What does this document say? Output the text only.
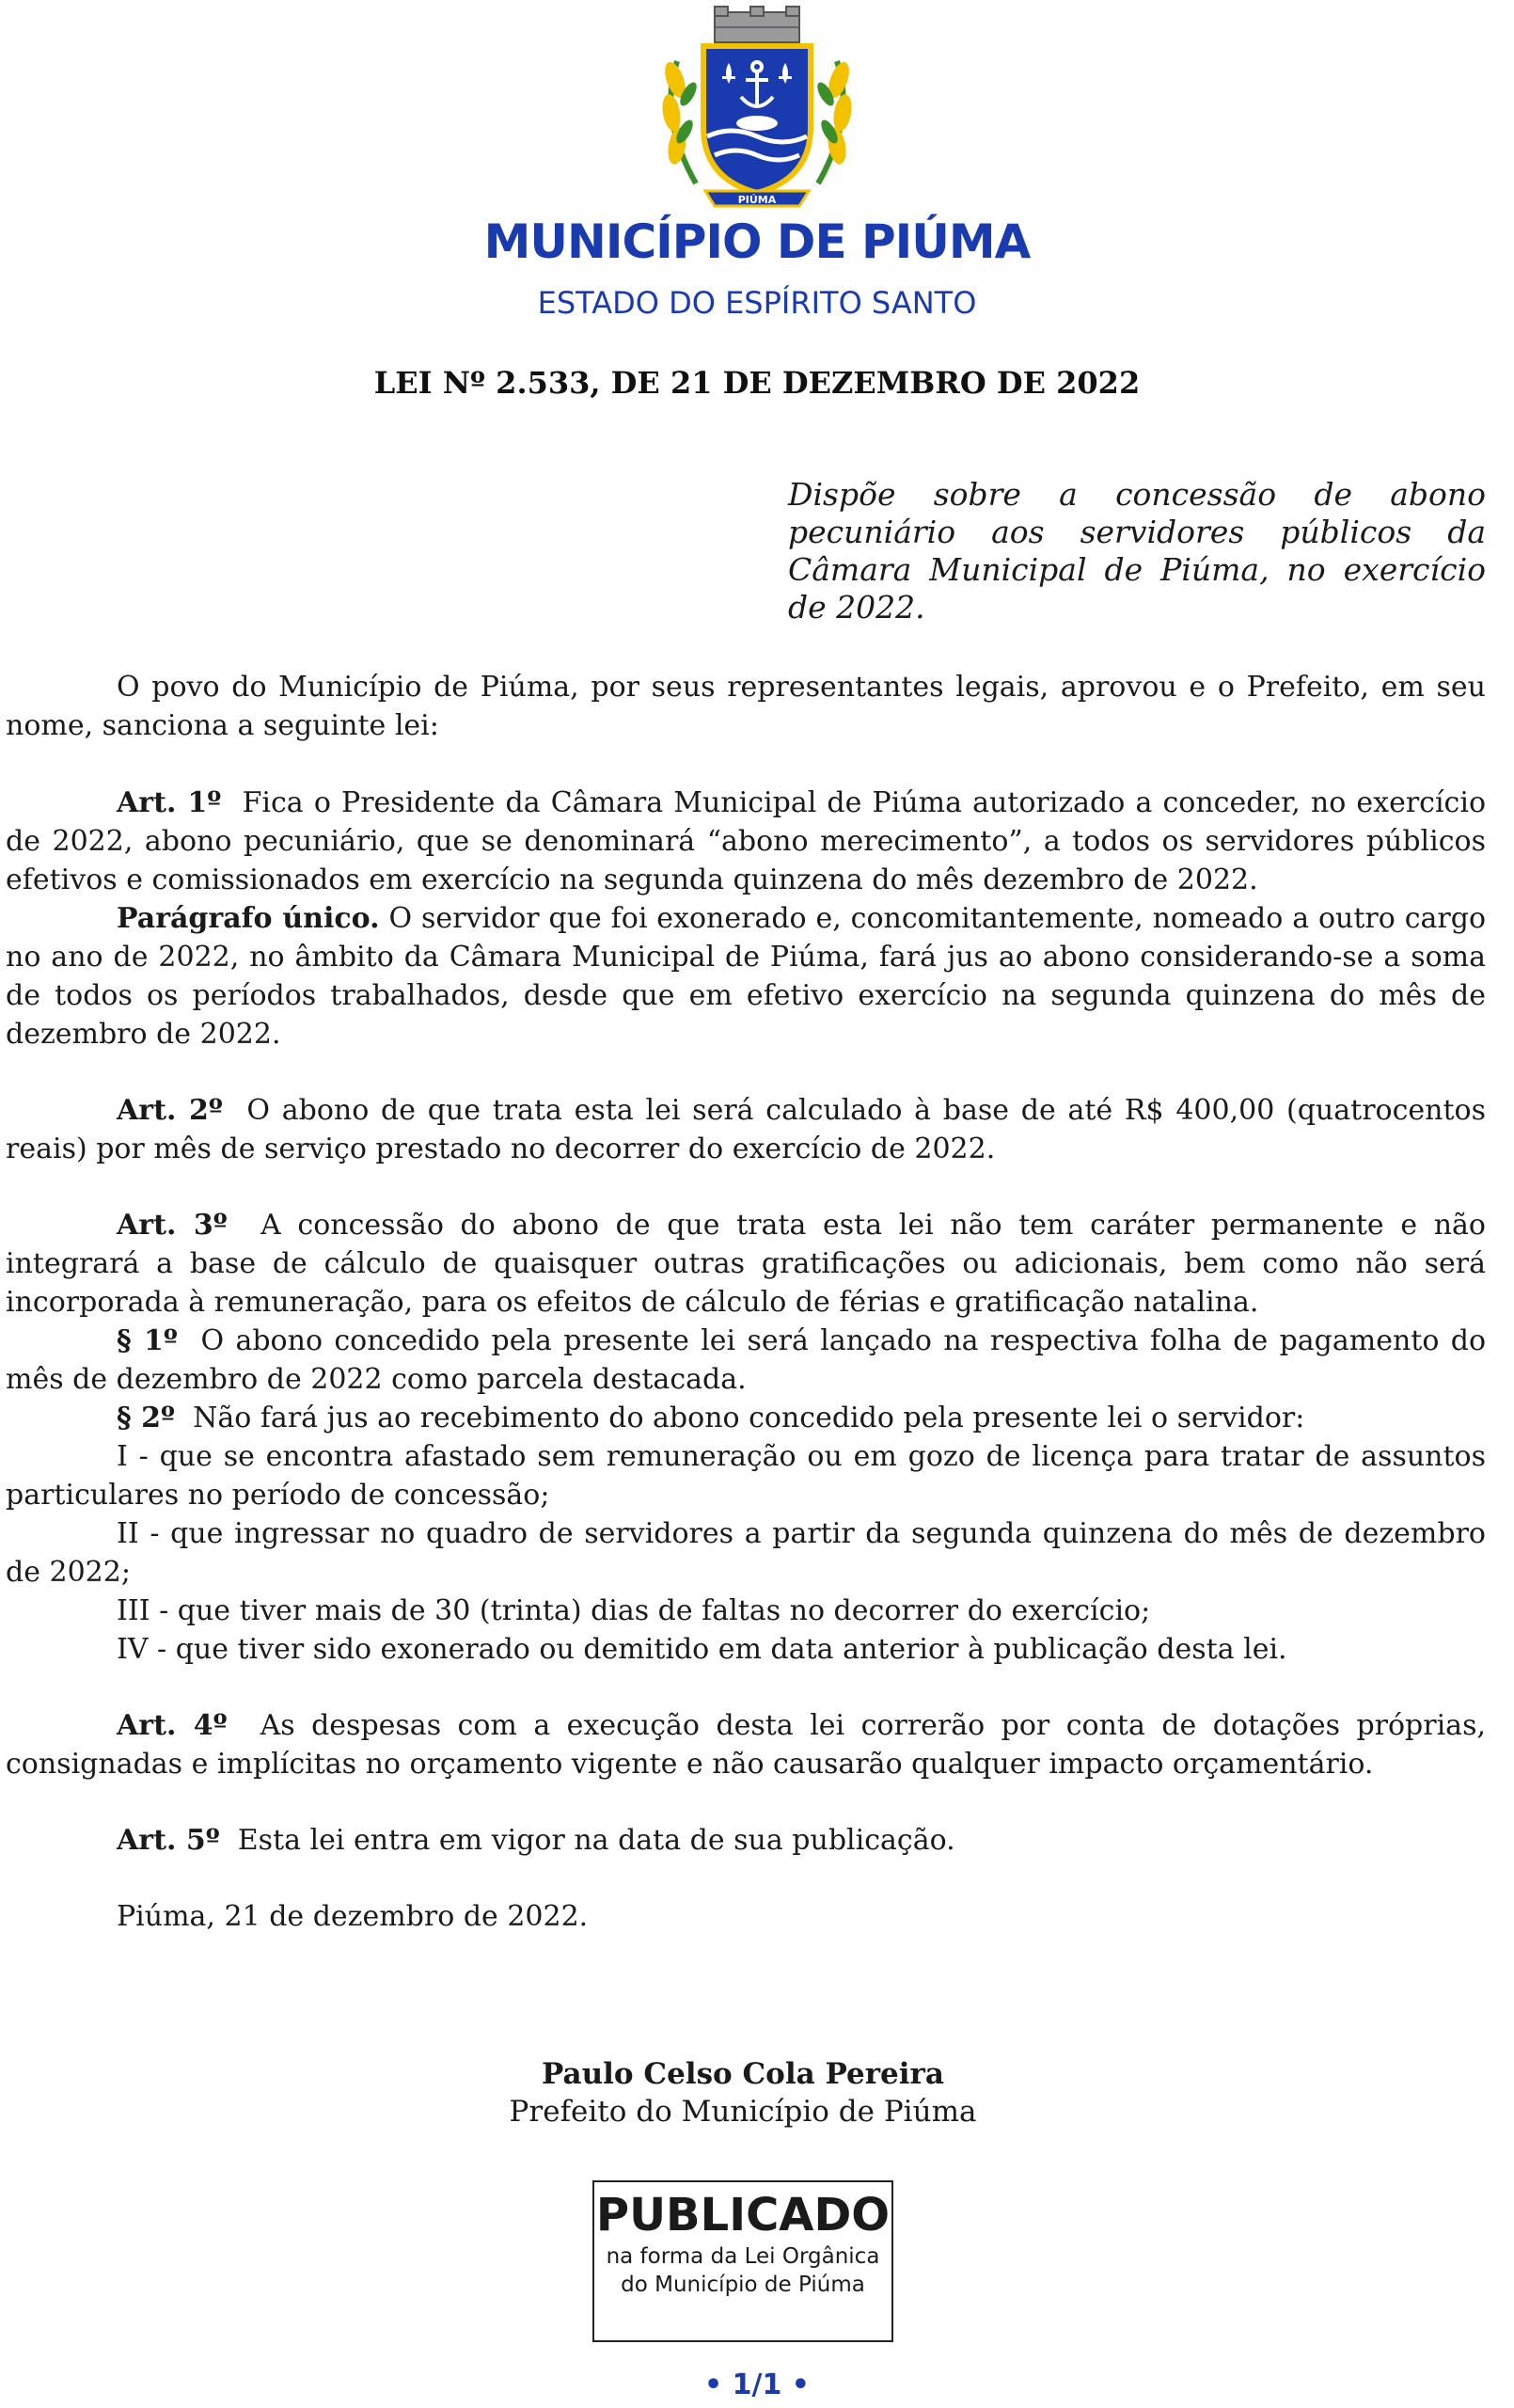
PIÚMA
MUNICÍPIO DE PIÚMA
ESTADO DO ESPÍRITO SANTO
LEI Nº 2.533, DE 21 DE DEZEMBRO DE 2022
Dispõe sobre a concessão de abono pecuniário aos servidores públicos da Câmara Municipal de Piúma, no exercício de 2022.

O povo do Município de Piúma, por seus representantes legais, aprovou e o Prefeito, em seu nome, sanciona a seguinte lei:

Art. 1º Fica o Presidente da Câmara Municipal de Piúma autorizado a conceder, no exercício de 2022, abono pecuniário, que se denominará “abono merecimento”, a todos os servidores públicos efetivos e comissionados em exercício na segunda quinzena do mês dezembro de 2022.

Parágrafo único. O servidor que foi exonerado e, concomitantemente, nomeado a outro cargo no ano de 2022, no âmbito da Câmara Municipal de Piúma, fará jus ao abono considerando-se a soma de todos os períodos trabalhados, desde que em efetivo exercício na segunda quinzena do mês de dezembro de 2022.

Art. 2º O abono de que trata esta lei será calculado à base de até R$ 400,00 (quatrocentos reais) por mês de serviço prestado no decorrer do exercício de 2022.

Art. 3º A concessão do abono de que trata esta lei não tem caráter permanente e não integrará a base de cálculo de quaisquer outras gratificações ou adicionais, bem como não será incorporada à remuneração, para os efeitos de cálculo de férias e gratificação natalina.

§ 1º O abono concedido pela presente lei será lançado na respectiva folha de pagamento do mês de dezembro de 2022 como parcela destacada.

§ 2º Não fará jus ao recebimento do abono concedido pela presente lei o servidor:

I - que se encontra afastado sem remuneração ou em gozo de licença para tratar de assuntos particulares no período de concessão;

II - que ingressar no quadro de servidores a partir da segunda quinzena do mês de dezembro de 2022;

III - que tiver mais de 30 (trinta) dias de faltas no decorrer do exercício;

IV - que tiver sido exonerado ou demitido em data anterior à publicação desta lei.

Art. 4º As despesas com a execução desta lei correrão por conta de dotações próprias, consignadas e implícitas no orçamento vigente e não causarão qualquer impacto orçamentário.

Art. 5º Esta lei entra em vigor na data de sua publicação.

Piúma, 21 de dezembro de 2022.

Paulo Celso Cola Pereira
Prefeito do Município de Piúma
PUBLICADO
na forma da Lei Orgânica
do Município de Piúma
• 1/1 •
